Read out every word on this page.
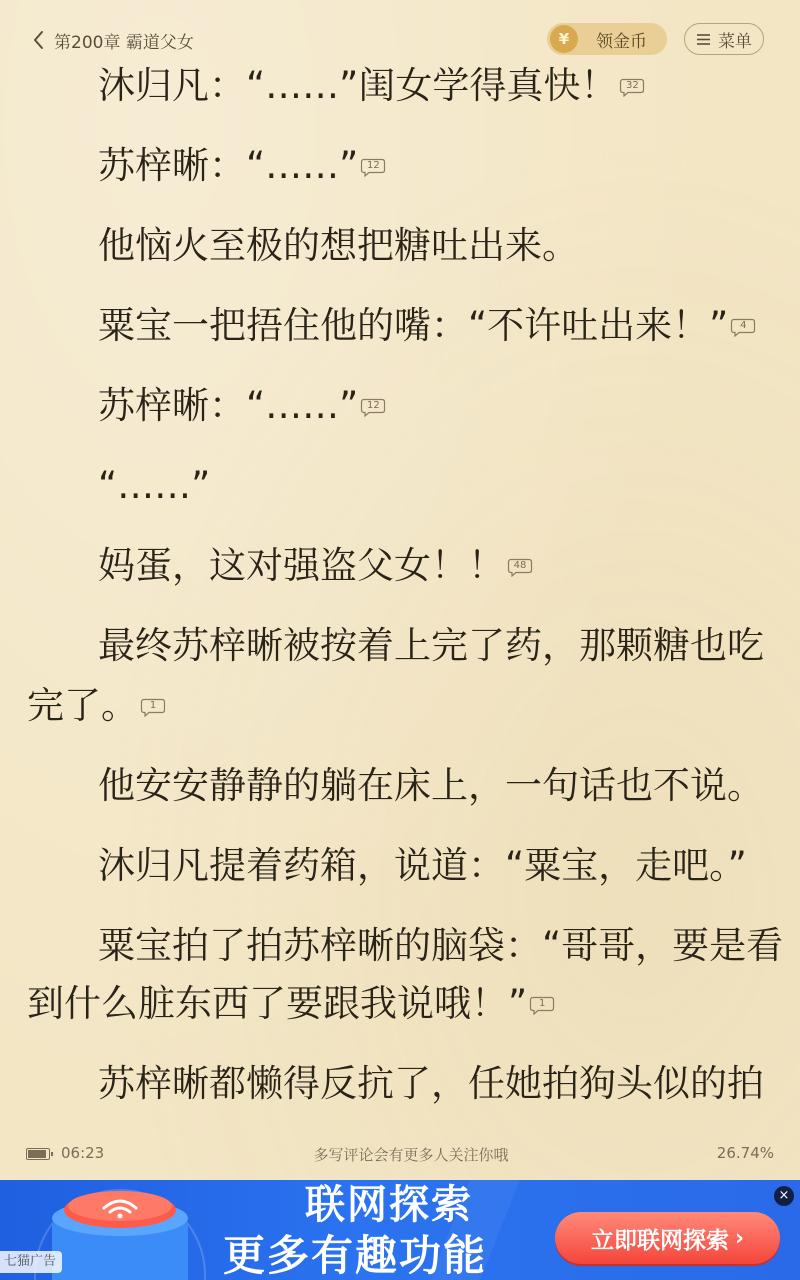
第200章 霸道父女	¥	领金币	菜单
沐归凡：“……”闺女学得真快！ 32
苏梓晰：“……” 12
他恼火至极的想把糖吐出来。
粟宝一把捂住他的嘴：“不许吐出来！”	4
苏梓晰：“……” 12
“……”
妈蛋，这对强盗父女！！ 48
最终苏梓晰被按着上完了药，那颗糖也吃
完了。	1
他安安静静的躺在床上，一句话也不说。
沐归凡提着药箱，说道：“粟宝，走吧。”
粟宝拍了拍苏梓晰的脑袋：“哥哥，要是看
到什么脏东西了要跟我说哦！”	1
苏梓晰都懒得反抗了，任她拍狗头似的拍
06:23	多写评论会有更多人关注你哦	26.74%
联网探索
更多有趣功能	立即联网探索 ›
×
七猫广告
